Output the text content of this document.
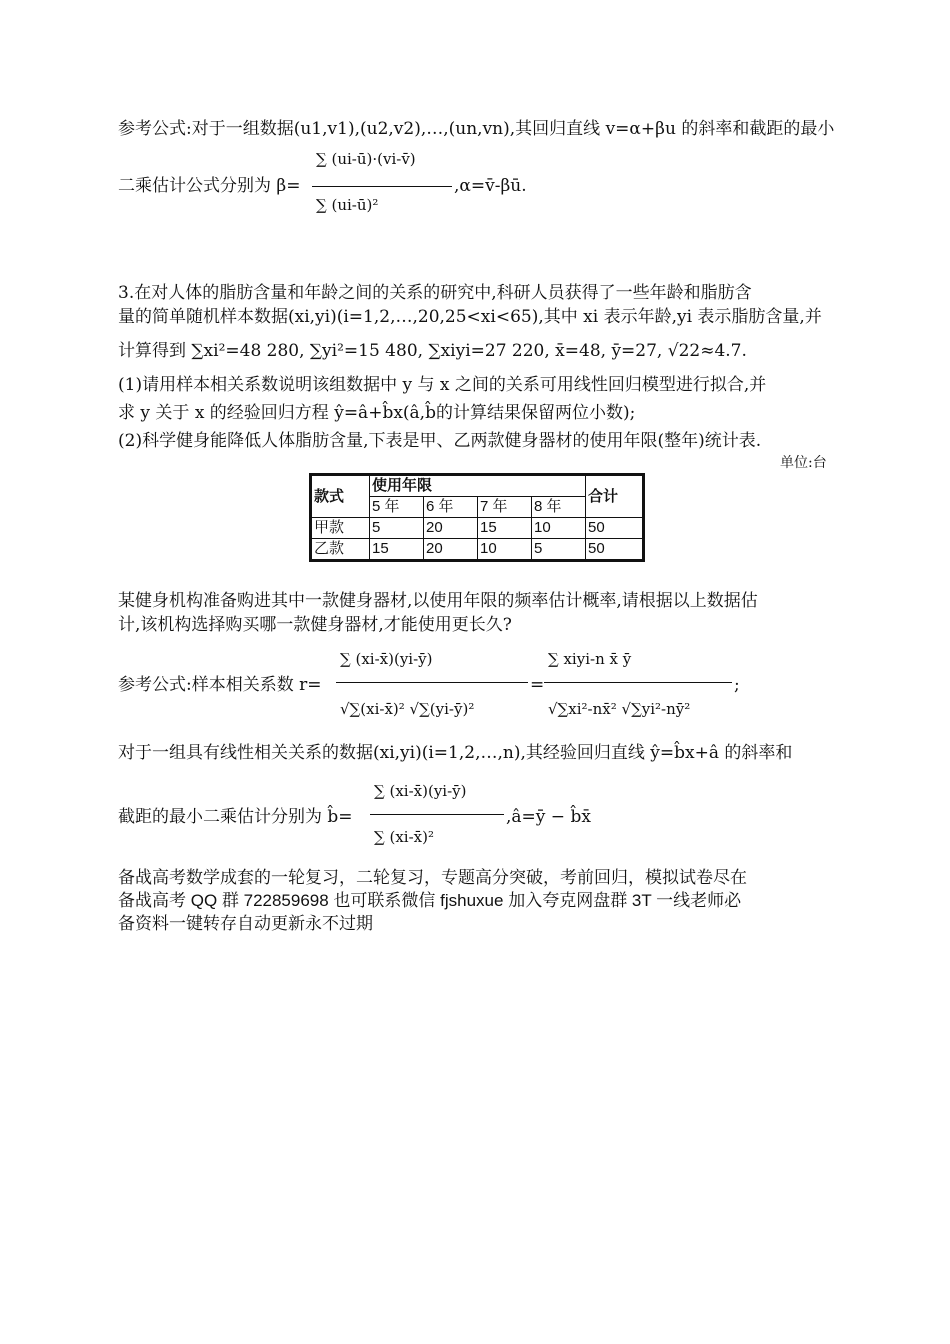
参考公式:对于一组数据(u1,v1),(u2,v2),…,(un,vn),其回归直线 v=α+βu 的斜率和截距的最小
二乘估计公式分别为 β=
∑ (ui-ū)·(vi-v̄)
∑ (ui-ū)²
,α=v̄-βū.
3.在对人体的脂肪含量和年龄之间的关系的研究中,科研人员获得了一些年龄和脂肪含
量的简单随机样本数据(xi,yi)(i=1,2,…,20,25<xi<65),其中 xi 表示年龄,yi 表示脂肪含量,并
计算得到 ∑xi²=48 280, ∑yi²=15 480, ∑xiyi=27 220, x̄=48, ȳ=27, √22≈4.7.
(1)请用样本相关系数说明该组数据中 y 与 x 之间的关系可用线性回归模型进行拟合,并
求 y 关于 x 的经验回归方程 ŷ=â+b̂x(â,b̂的计算结果保留两位小数);
(2)科学健身能降低人体脂肪含量,下表是甲、乙两款健身器材的使用年限(整年)统计表.
单位:台
款式	使用年限				合计
	5 年	6 年	7 年	8 年	
甲款	5	20	15	10	50
乙款	15	20	10	5	50
某健身机构准备购进其中一款健身器材,以使用年限的频率估计概率,请根据以上数据估
计,该机构选择购买哪一款健身器材,才能使用更长久?
参考公式:样本相关系数 r=
∑ (xi-x̄)(yi-ȳ)
√∑(xi-x̄)² √∑(yi-ȳ)²
=
∑ xiyi-n x̄ ȳ
√∑xi²-nx̄² √∑yi²-nȳ²
;
对于一组具有线性相关关系的数据(xi,yi)(i=1,2,…,n),其经验回归直线 ŷ=b̂x+â 的斜率和
截距的最小二乘估计分别为 b̂=
∑ (xi-x̄)(yi-ȳ)
∑ (xi-x̄)²
,â=ȳ − b̂x̄
备战高考数学成套的一轮复习，二轮复习，专题高分突破，考前回归，模拟试卷尽在
备战高考 QQ 群 722859698 也可联系微信 fjshuxue 加入夸克网盘群 3T 一线老师必
备资料一键转存自动更新永不过期
